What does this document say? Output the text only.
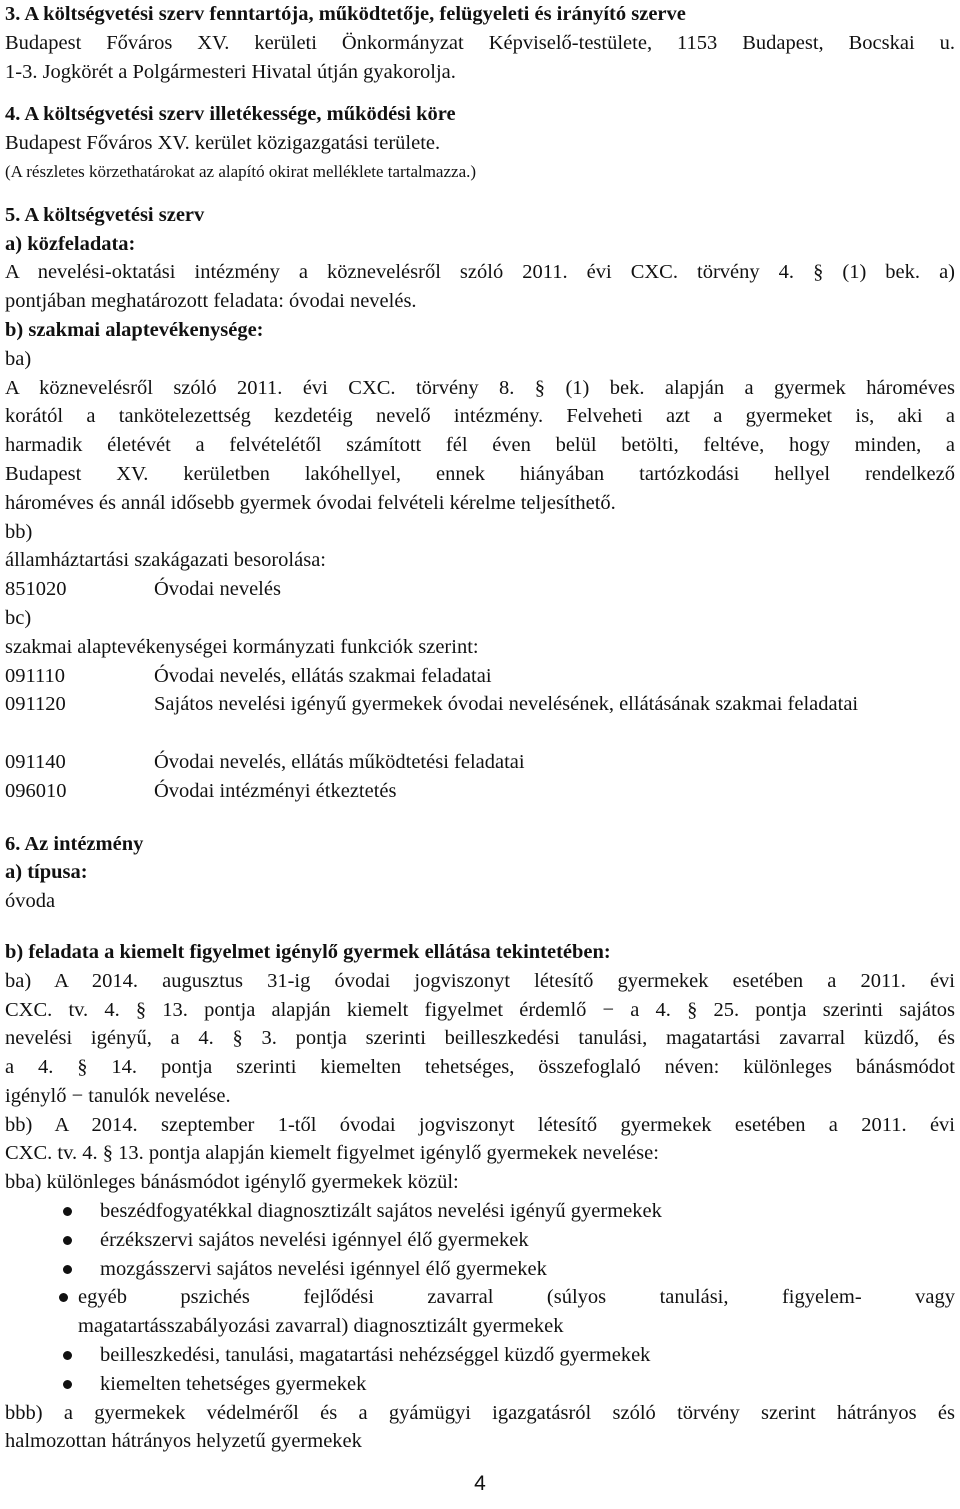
3. A költségvetési szerv fenntartója, működtetője, felügyeleti és irányító szerve
Budapest Főváros XV. kerületi Önkormányzat Képviselő-testülete, 1153 Budapest, Bocskai u.
1-3. Jogkörét a Polgármesteri Hivatal útján gyakorolja.
4. A költségvetési szerv illetékessége, működési köre
Budapest Főváros XV. kerület közigazgatási területe.
(A részletes körzethatárokat az alapító okirat melléklete tartalmazza.)
5. A költségvetési szerv
a) közfeladata:
A nevelési-oktatási intézmény a köznevelésről szóló 2011. évi CXC. törvény 4. § (1) bek. a)
pontjában meghatározott feladata: óvodai nevelés.
b) szakmai alaptevékenysége:
ba)
A köznevelésről szóló 2011. évi CXC. törvény 8. § (1) bek. alapján a gyermek hároméves
korától a tankötelezettség kezdetéig nevelő intézmény. Felveheti azt a gyermeket is, aki a
harmadik életévét a felvételétől számított fél éven belül betölti, feltéve, hogy minden, a
Budapest XV. kerületben lakóhellyel, ennek hiányában tartózkodási hellyel rendelkező
hároméves és annál idősebb gyermek óvodai felvételi kérelme teljesíthető.
bb)
államháztartási szakágazati besorolása:
851020	Óvodai nevelés
bc)
szakmai alaptevékenységei kormányzati funkciók szerint:
091110	Óvodai nevelés, ellátás szakmai feladatai
091120	Sajátos nevelési igényű gyermekek óvodai nevelésének, ellátásának szakmai feladatai
091140	Óvodai nevelés, ellátás működtetési feladatai
096010	Óvodai intézményi étkeztetés
6. Az intézmény
a) típusa:
óvoda
b) feladata a kiemelt figyelmet igénylő gyermek ellátása tekintetében:
ba) A 2014. augusztus 31-ig óvodai jogviszonyt létesítő gyermekek esetében a 2011. évi
CXC. tv. 4. § 13. pontja alapján kiemelt figyelmet érdemlő − a 4. § 25. pontja szerinti sajátos
nevelési igényű, a 4. § 3. pontja szerinti beilleszkedési tanulási, magatartási zavarral küzdő, és
a 4. § 14. pontja szerinti kiemelten tehetséges, összefoglaló néven: különleges bánásmódot
igénylő − tanulók nevelése.
bb) A 2014. szeptember 1-től óvodai jogviszonyt létesítő gyermekek esetében a 2011. évi
CXC. tv. 4. § 13. pontja alapján kiemelt figyelmet igénylő gyermekek nevelése:
bba) különleges bánásmódot igénylő gyermekek közül:
beszédfogyatékkal diagnosztizált sajátos nevelési igényű gyermekek
érzékszervi sajátos nevelési igénnyel élő gyermekek
mozgásszervi sajátos nevelési igénnyel élő gyermekek
egyéb pszichés fejlődési zavarral (súlyos tanulási, figyelem- vagy
magatartásszabályozási zavarral) diagnosztizált gyermekek
beilleszkedési, tanulási, magatartási nehézséggel küzdő gyermekek
kiemelten tehetséges gyermekek
bbb) a gyermekek védelméről és a gyámügyi igazgatásról szóló törvény szerint hátrányos és
halmozottan hátrányos helyzetű gyermekek
4
